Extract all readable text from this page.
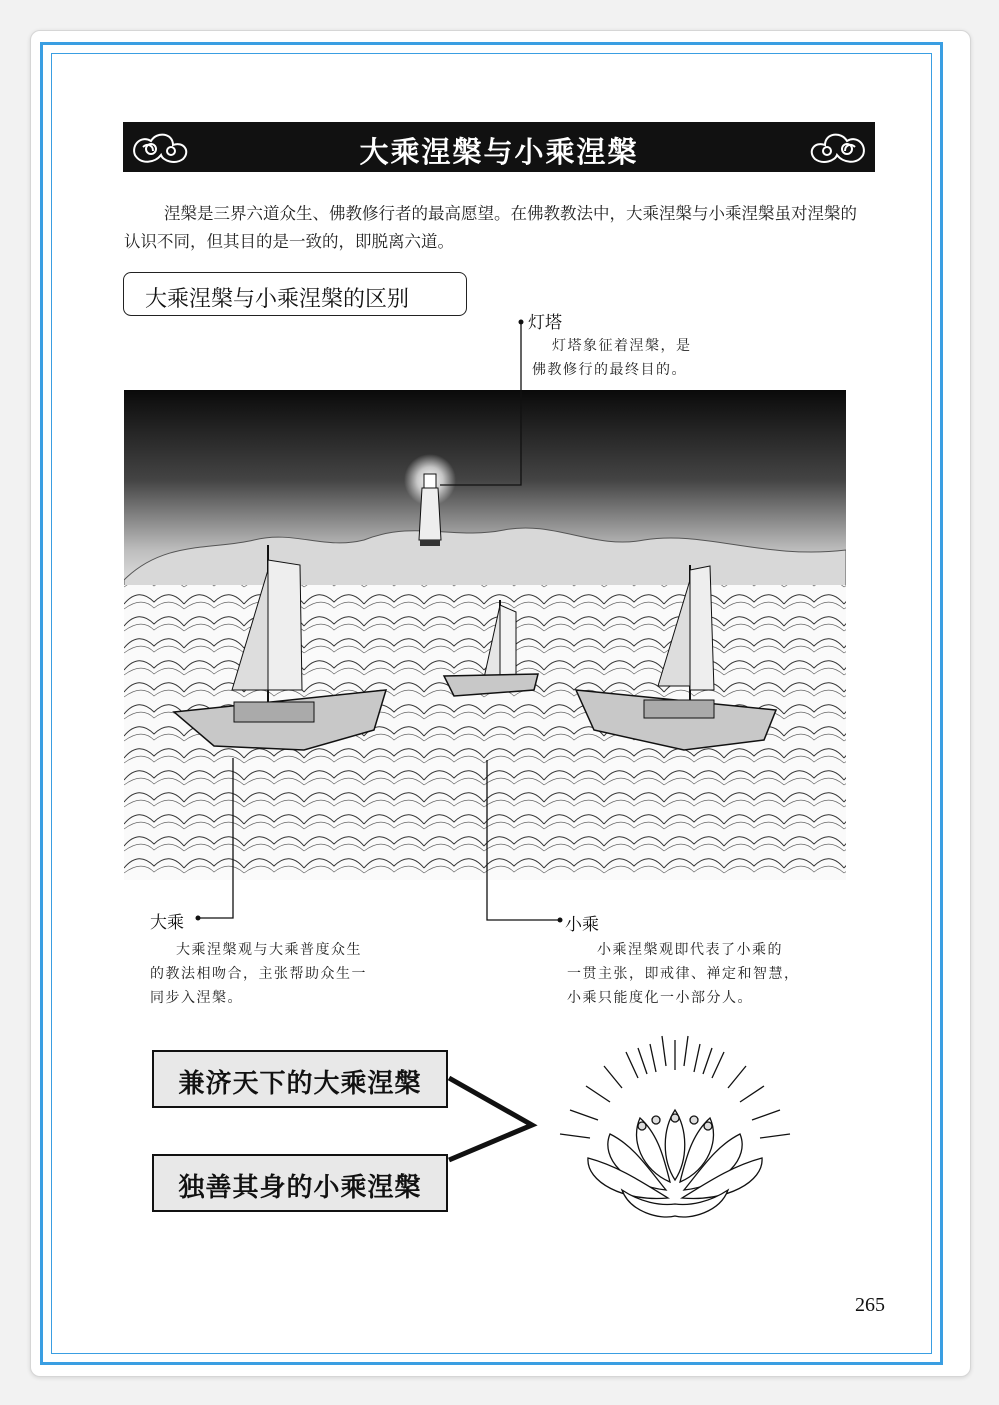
大乘涅槃与小乘涅槃
涅槃是三界六道众生、佛教修行者的最高愿望。在佛教教法中，大乘涅槃与小乘涅槃虽对涅槃的认识不同，但其目的是一致的，即脱离六道。
大乘涅槃与小乘涅槃的区别
灯塔
灯塔象征着涅槃，是
佛教修行的最终目的。
大乘
大乘涅槃观与大乘普度众生
的教法相吻合，主张帮助众生一
同步入涅槃。
小乘
小乘涅槃观即代表了小乘的
一贯主张，即戒律、禅定和智慧，
小乘只能度化一小部分人。
兼济天下的大乘涅槃
独善其身的小乘涅槃
265
